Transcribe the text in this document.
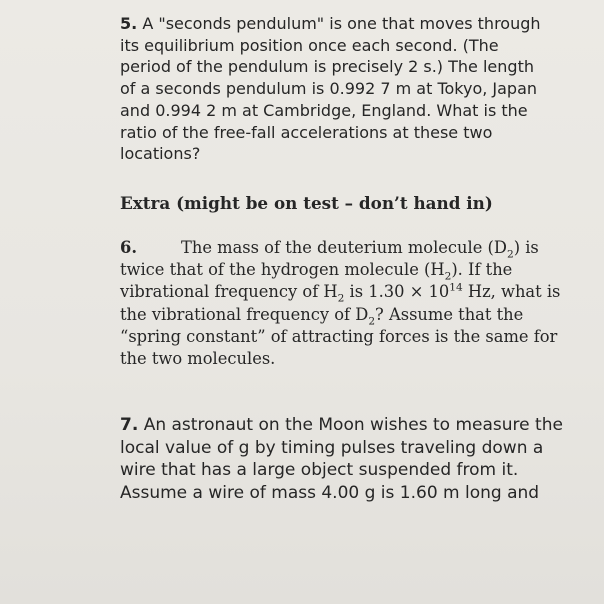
5. A "seconds pendulum" is one that moves through
its equilibrium position once each second. (The
period of the pendulum is precisely 2 s.) The length
of a seconds pendulum is 0.992 7 m at Tokyo, Japan
and 0.994 2 m at Cambridge, England. What is the
ratio of the free-fall accelerations at these two
locations?
Extra (might be on test – don’t hand in)
6.	The mass of the deuterium molecule $(D_2)$ is
twice that of the hydrogen molecule $(H_2)$. If the
vibrational frequency of $H_2$ is $1.30 \times 10^{14}$ Hz, what is
the vibrational frequency of $D_2$? Assume that the
“spring constant” of attracting forces is the same for
the two molecules.
7. An astronaut on the Moon wishes to measure the
local value of g by timing pulses traveling down a
wire that has a large object suspended from it.
Assume a wire of mass 4.00 g is 1.60 m long and
